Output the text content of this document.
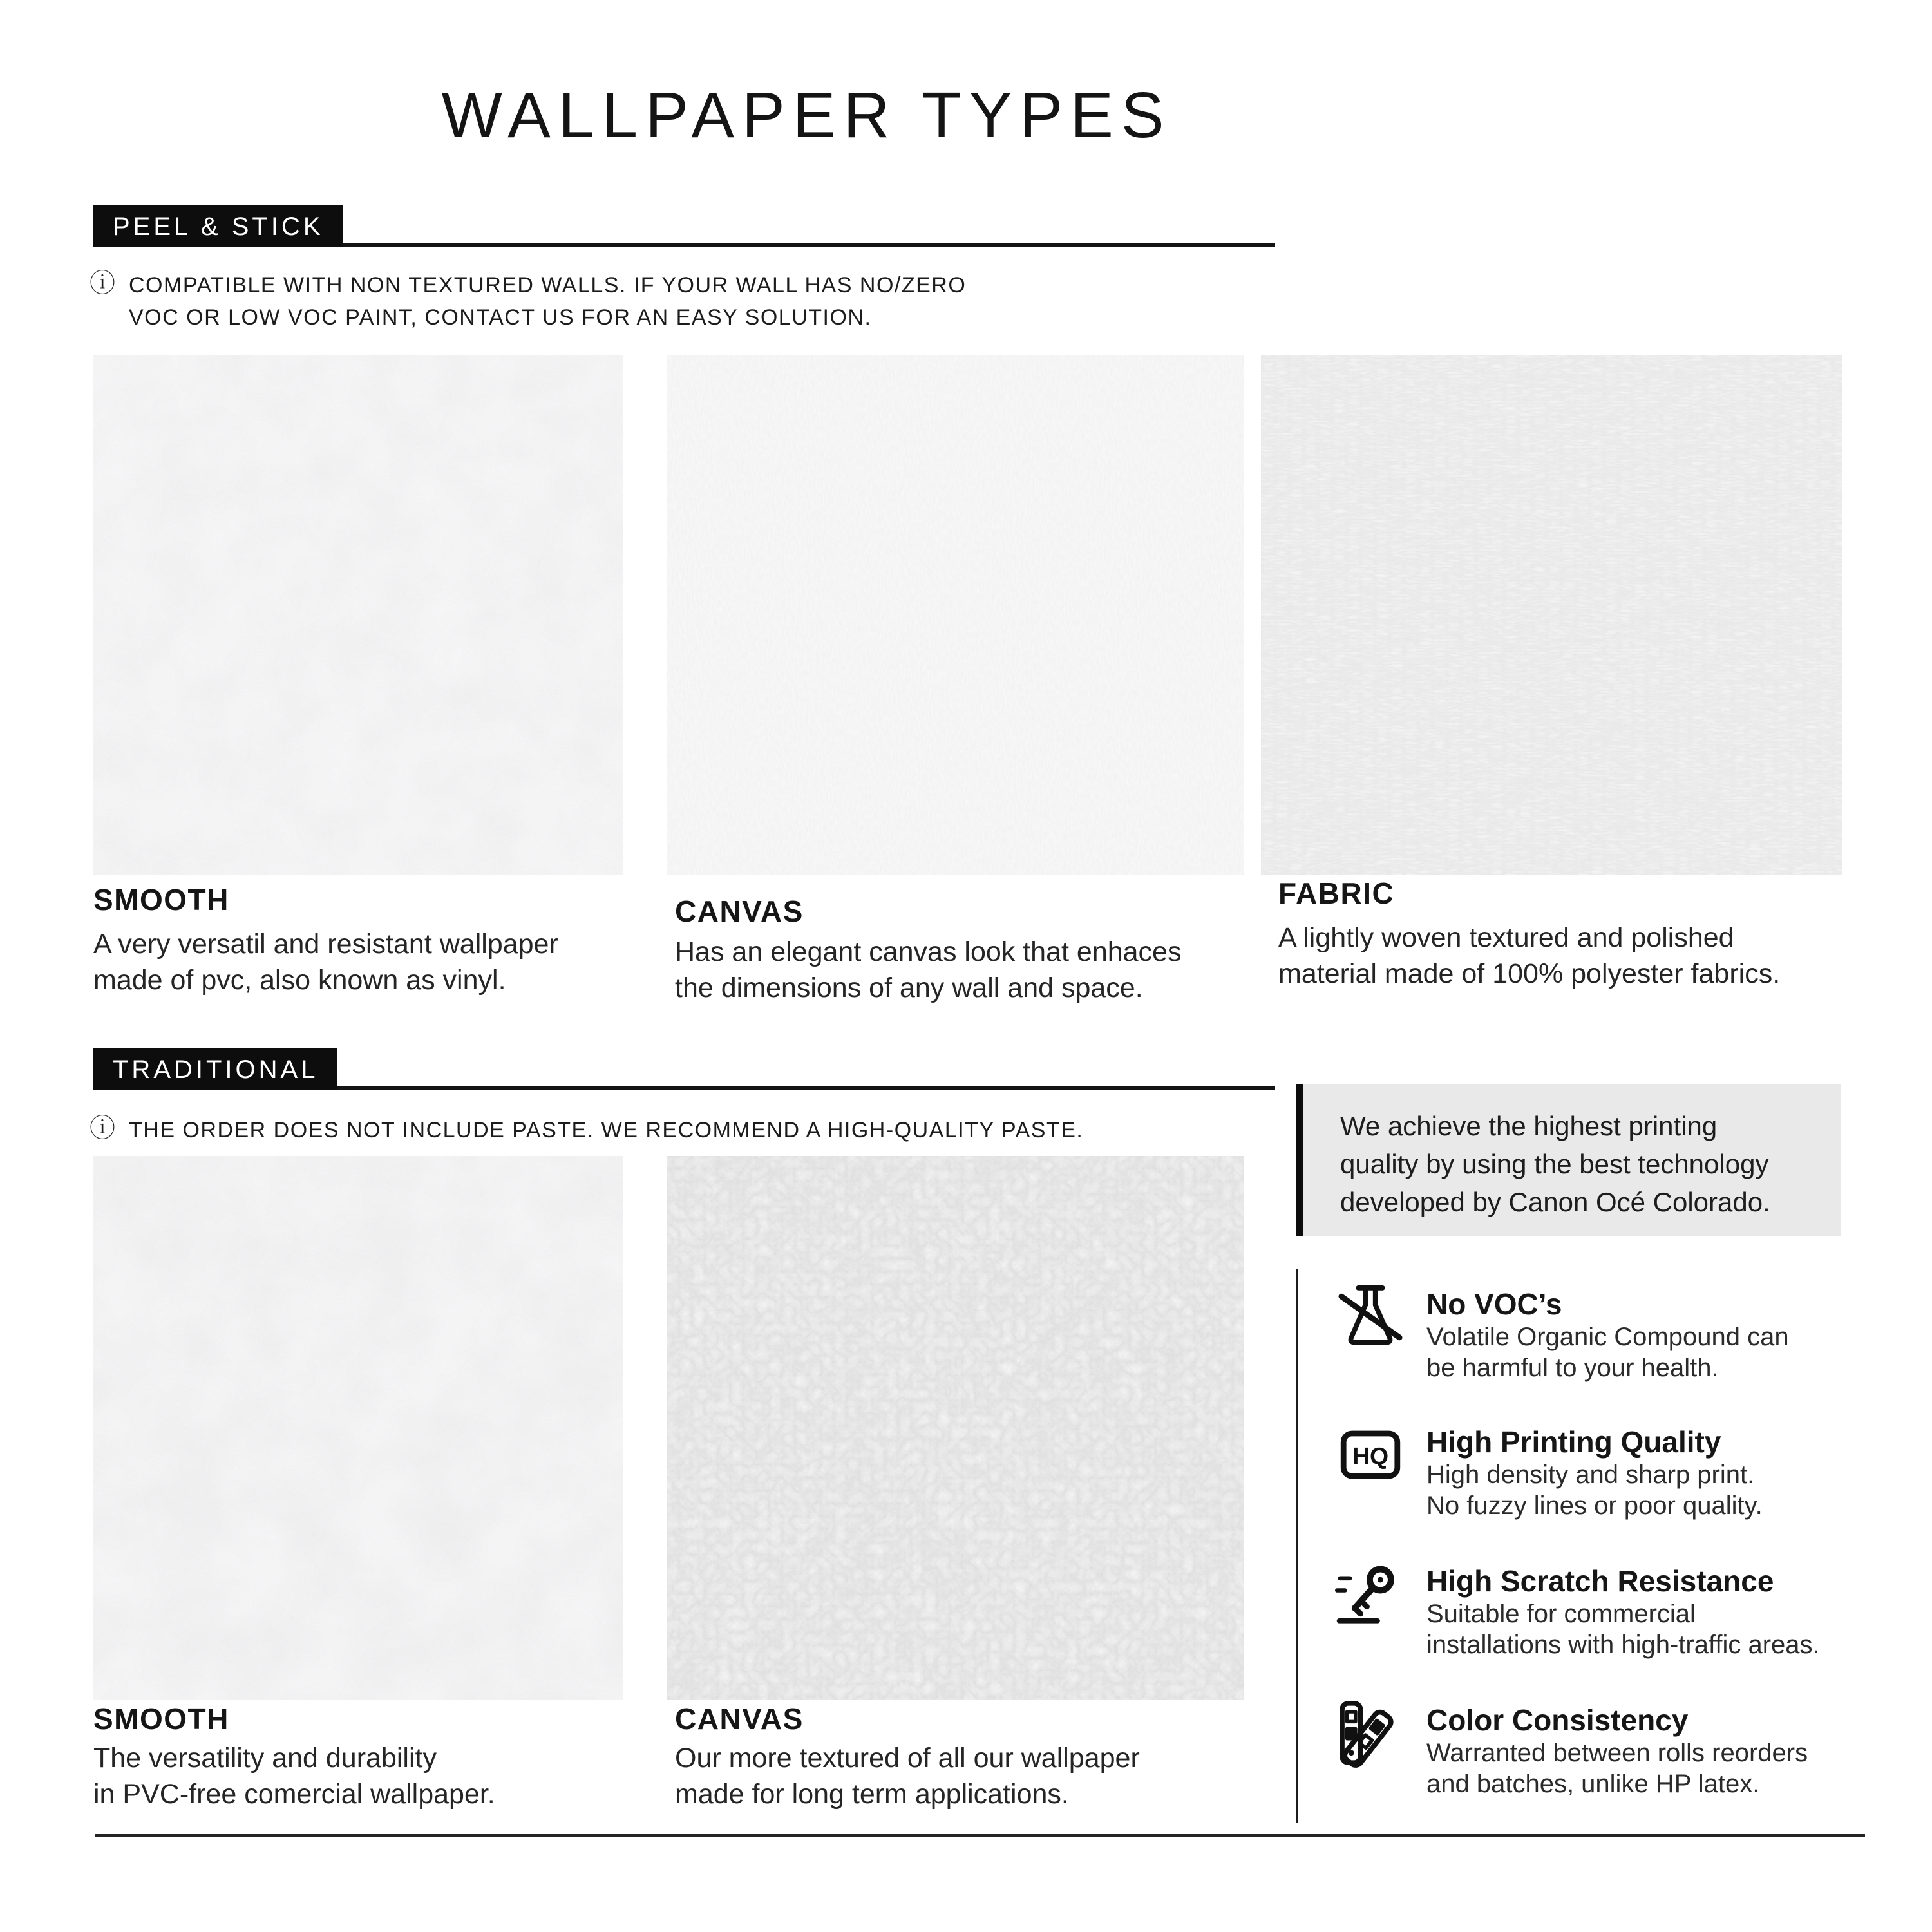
WALLPAPER TYPES
PEEL & STICK
ⓘ COMPATIBLE WITH NON TEXTURED WALLS. IF YOUR WALL HAS NO/ZERO
VOC OR LOW VOC PAINT, CONTACT US FOR AN EASY SOLUTION.
SMOOTH
A very versatil and resistant wallpaper
made of pvc, also known as vinyl.
CANVAS
Has an elegant canvas look that enhaces
the dimensions of any wall and space.
FABRIC
A lightly woven textured and polished
material made of 100% polyester fabrics.
TRADITIONAL
ⓘ THE ORDER DOES NOT INCLUDE PASTE. WE RECOMMEND A HIGH-QUALITY PASTE.
SMOOTH
The versatility and durability
in PVC-free comercial wallpaper.
CANVAS
Our more textured of all our wallpaper
made for long term applications.
We achieve the highest printing
quality by using the best technology
developed by Canon Océ Colorado.
No VOC’s
Volatile Organic Compound can
be harmful to your health.
HQ High Printing Quality
High density and sharp print.
No fuzzy lines or poor quality.
High Scratch Resistance
Suitable for commercial
installations with high-traffic areas.
Color Consistency
Warranted between rolls reorders
and batches, unlike HP latex.
